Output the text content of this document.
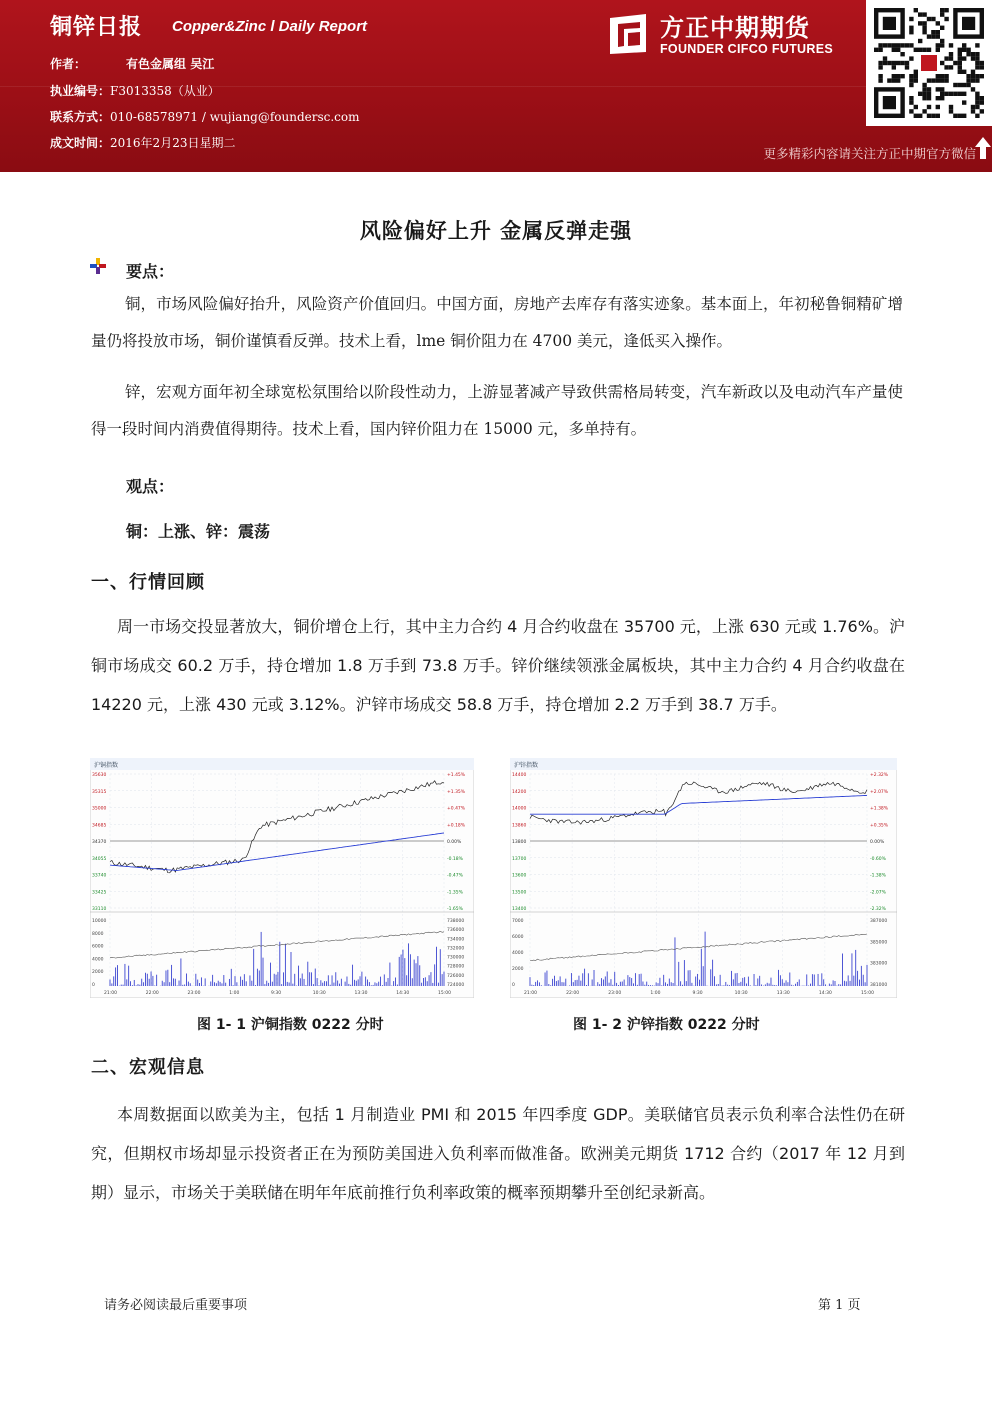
铜锌日报 Copper&Zinc l Daily Report
作者：	有色金属组 吴江
执业编号：F3013358（从业）
联系方式：010-68578971 / wujiang@foundersc.com
成文时间：2016年2月23日星期二
方正中期期货
FOUNDER CIFCO FUTURES
更多精彩内容请关注方正中期官方微信
风险偏好上升 金属反弹走强
要点：
铜，市场风险偏好抬升，风险资产价值回归。中国方面，房地产去库存有落实迹象。基本面上，年初秘鲁铜精矿增量仍将投放市场，铜价谨慎看反弹。技术上看，lme 铜价阻力在 4700 美元，逢低买入操作。
锌，宏观方面年初全球宽松氛围给以阶段性动力，上游显著减产导致供需格局转变，汽车新政以及电动汽车产量使得一段时间内消费值得期待。技术上看，国内锌价阻力在 15000 元，多单持有。
观点：
铜：上涨、锌：震荡
一、行情回顾
周一市场交投显著放大，铜价增仓上行，其中主力合约 4 月合约收盘在 35700 元，上涨 630 元或 1.76%。沪铜市场成交 60.2 万手，持仓增加 1.8 万手到 73.8 万手。锌价继续领涨金属板块，其中主力合约 4 月合约收盘在 14220 元，上涨 430 元或 3.12%。沪锌市场成交 58.8 万手，持仓增加 2.2 万手到 38.7 万手。
沪铜指数
35630	+1.45%
35315	+1.35%
35000	+0.47%
34685	+0.18%
34370	0.00%
34055	-0.18%
33740	-0.47%
33425	-1.35%
33110	-1.65%
21:00	22:00	23:00	1:00	9:30	10:30	13:30	14:30	15:00
10000
8000
6000
4000
2000
0
738000
736000
734000
732000
730000
728000
726000
724000
沪锌指数
14400	+2.32%
14200	+2.07%
14000	+1.38%
13860	+0.35%
13800	0.00%
13700	-0.60%
13600	-1.38%
13500	-2.07%
13400	-2.32%
21:00	22:00	23:00	1:00	9:30	10:30	13:30	14:30	15:00
7000
6000
4000
2000
0
387000
385000
383000
381000
图 1- 1 沪铜指数 0222 分时	图 1- 2 沪锌指数 0222 分时
二、宏观信息
本周数据面以欧美为主，包括 1 月制造业 PMI 和 2015 年四季度 GDP。美联储官员表示负利率合法性仍在研究，但期权市场却显示投资者正在为预防美国进入负利率而做准备。欧洲美元期货 1712 合约（2017 年 12 月到期）显示，市场关于美联储在明年年底前推行负利率政策的概率预期攀升至创纪录新高。
请务必阅读最后重要事项	第 1 页
